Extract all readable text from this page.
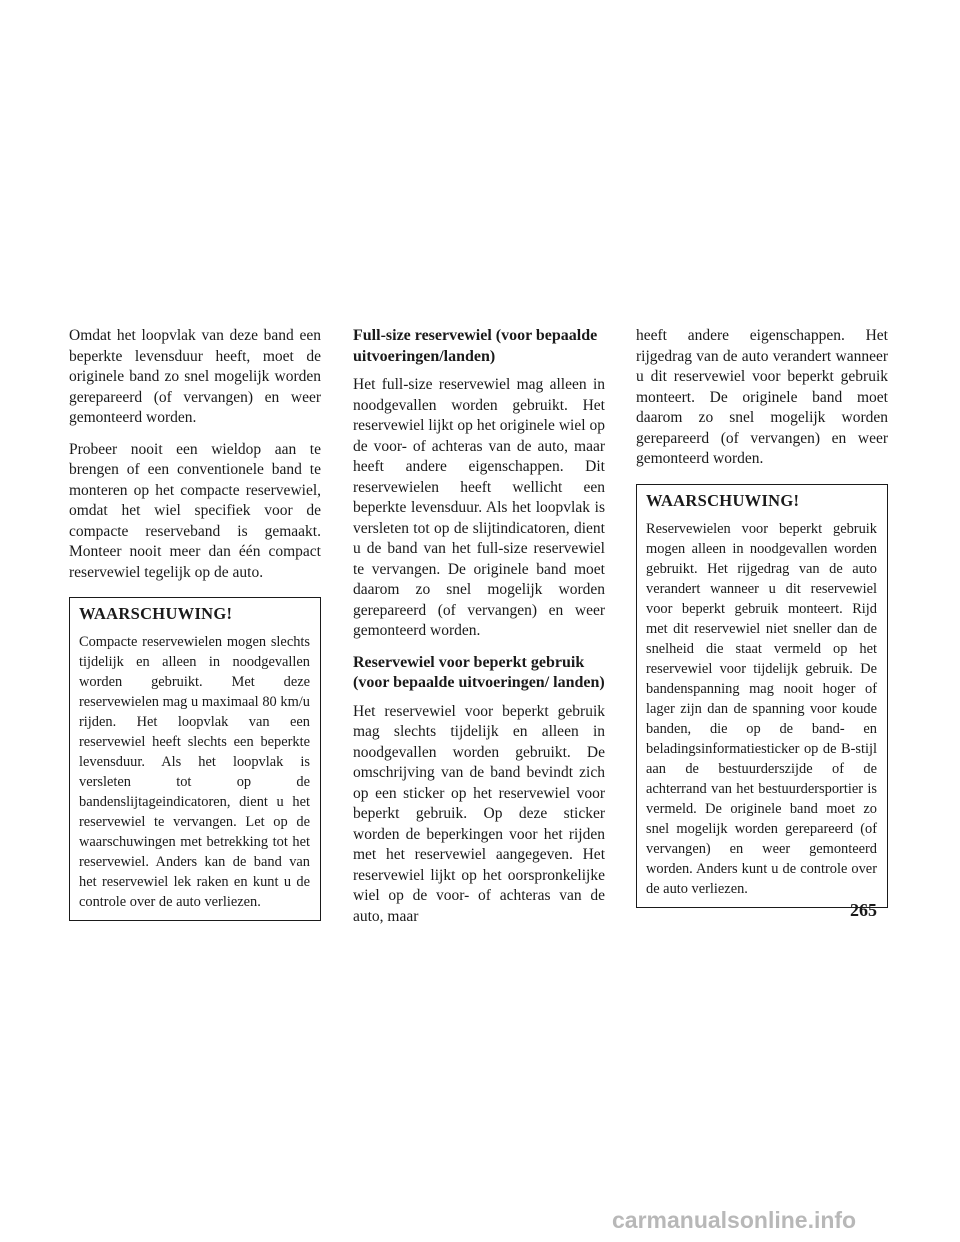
Omdat het loopvlak van deze band een beperkte levensduur heeft, moet de originele band zo snel mogelijk worden gerepareerd (of vervangen) en weer gemonteerd worden.

Probeer nooit een wieldop aan te brengen of een conventionele band te monteren op het compacte reservewiel, omdat het wiel specifiek voor de compacte reserveband is gemaakt. Monteer nooit meer dan één compact reservewiel tegelijk op de auto.

WAARSCHUWING!

Compacte reservewielen mogen slechts tijdelijk en alleen in noodgevallen worden gebruikt. Met deze reservewielen mag u maximaal 80 km/u rijden. Het loopvlak van een reservewiel heeft slechts een beperkte levensduur. Als het loopvlak is versleten tot op de bandenslijtageindicatoren, dient u het reservewiel te vervangen. Let op de waarschuwingen met betrekking tot het reservewiel. Anders kan de band van het reservewiel lek raken en kunt u de controle over de auto verliezen.

Full-size reservewiel (voor bepaalde uitvoeringen/landen)

Het full-size reservewiel mag alleen in noodgevallen worden gebruikt. Het reservewiel lijkt op het originele wiel op de voor- of achteras van de auto, maar heeft andere eigenschappen. Dit reservewielen heeft wellicht een beperkte levensduur. Als het loopvlak is versleten tot op de slijtindicatoren, dient u de band van het full-size reservewiel te vervangen. De originele band moet daarom zo snel mogelijk worden gerepareerd (of vervangen) en weer gemonteerd worden.

Reservewiel voor beperkt gebruik (voor bepaalde uitvoeringen/ landen)

Het reservewiel voor beperkt gebruik mag slechts tijdelijk en alleen in noodgevallen worden gebruikt. De omschrijving van de band bevindt zich op een sticker op het reservewiel voor beperkt gebruik. Op deze sticker worden de beperkingen voor het rijden met het reservewiel aangegeven. Het reservewiel lijkt op het oorspronkelijke wiel op de voor- of achteras van de auto, maar

heeft andere eigenschappen. Het rijgedrag van de auto verandert wanneer u dit reservewiel voor beperkt gebruik monteert. De originele band moet daarom zo snel mogelijk worden gerepareerd (of vervangen) en weer gemonteerd worden.

WAARSCHUWING!

Reservewielen voor beperkt gebruik mogen alleen in noodgevallen worden gebruikt. Het rijgedrag van de auto verandert wanneer u dit reservewiel voor beperkt gebruik monteert. Rijd met dit reservewiel niet sneller dan de snelheid die staat vermeld op het reservewiel voor tijdelijk gebruik. De bandenspanning mag nooit hoger of lager zijn dan de spanning voor koude banden, die op de band- en beladingsinformatiesticker op de B-stijl aan de bestuurderszijde of de achterrand van het bestuurdersportier is vermeld. De originele band moet zo snel mogelijk worden gerepareerd (of vervangen) en weer gemonteerd worden. Anders kunt u de controle over de auto verliezen.

265
carmanualsonline.info
